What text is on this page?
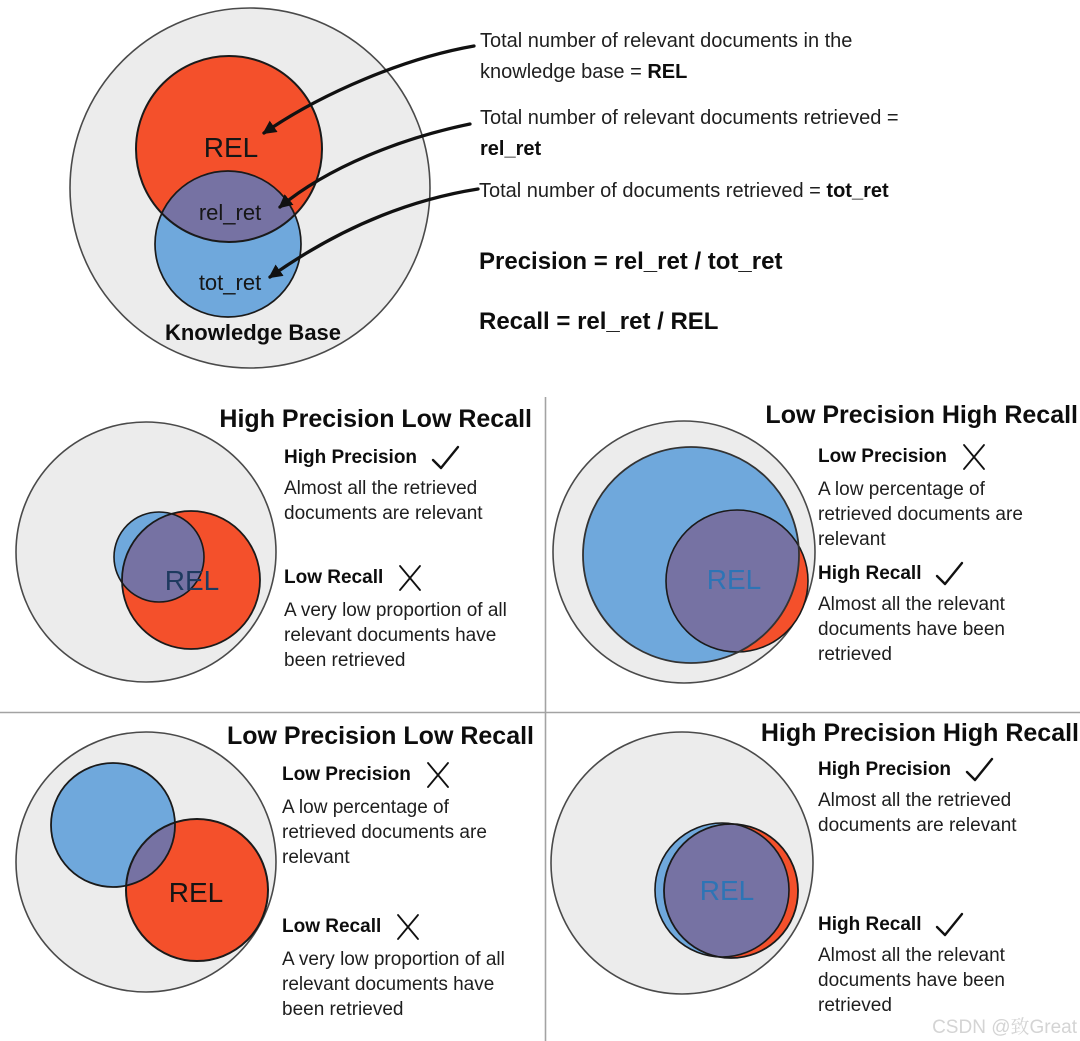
REL
rel_ret
tot_ret
Knowledge Base
Total number of relevant documents in the knowledge base = REL
Total number of relevant documents retrieved = rel_ret
Total number of documents retrieved = tot_ret
Precision = rel_ret / tot_ret
Recall = rel_ret / REL
High Precision Low Recall
REL
High Precision
Almost all the retrieved documents are relevant
Low Recall
A very low proportion of all relevant documents have been retrieved
Low Precision High Recall
REL
Low Precision
A low percentage of retrieved documents are relevant
High Recall
Almost all the relevant documents have been retrieved
Low Precision Low Recall
REL
Low Precision
A low percentage of retrieved documents are relevant
Low Recall
A very low proportion of all relevant documents have been retrieved
High Precision High Recall
REL
High Precision
Almost all the retrieved documents are relevant
High Recall
Almost all the relevant documents have been retrieved
CSDN @致Great
